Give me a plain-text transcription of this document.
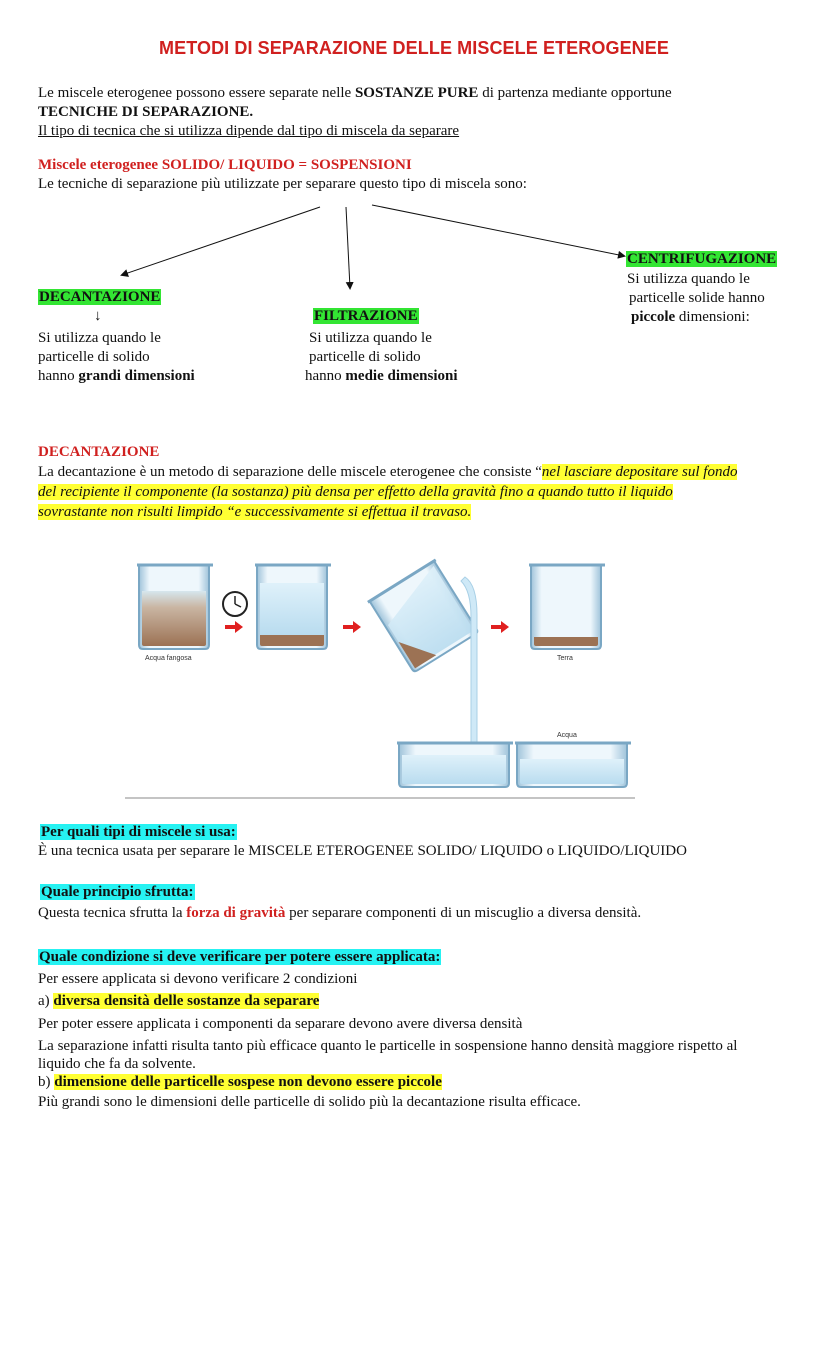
METODI DI SEPARAZIONE DELLE MISCELE ETEROGENEE
Le miscele eterogenee possono essere separate nelle SOSTANZE PURE di partenza mediante opportune
TECNICHE DI SEPARAZIONE.
Il tipo di tecnica che si utilizza dipende dal tipo di miscela da separare
Miscele eterogenee SOLIDO/ LIQUIDO = SOSPENSIONI
Le tecniche di separazione più utilizzate per separare questo tipo di miscela sono:
DECANTAZIONE
↓
Si utilizza quando le
particelle di solido
hanno grandi dimensioni
FILTRAZIONE
Si utilizza quando le
particelle di solido
hanno medie dimensioni
CENTRIFUGAZIONE
Si utilizza quando le
particelle solide hanno
piccole dimensioni:
DECANTAZIONE
La decantazione è un metodo di separazione delle miscele eterogenee che consiste “nel lasciare depositare sul fondo
del recipiente il componente (la sostanza) più densa per effetto della gravità fino a quando tutto il liquido
sovrastante non risulti limpido “e successivamente si effettua il travaso.
Acqua fangosa	Terra
Acqua
Per quali tipi di miscele si usa:
È una tecnica usata per separare le MISCELE ETEROGENEE SOLIDO/ LIQUIDO o LIQUIDO/LIQUIDO
Quale principio sfrutta:
Questa tecnica sfrutta la forza di gravità per separare componenti di un miscuglio a diversa densità.
Quale condizione si deve verificare per potere essere applicata:
Per essere applicata si devono verificare 2 condizioni
a) diversa densità delle sostanze da separare
Per poter essere applicata i componenti da separare devono avere diversa densità
La separazione infatti risulta tanto più efficace quanto le particelle in sospensione hanno densità maggiore rispetto al
liquido che fa da solvente.
b) dimensione delle particelle sospese non devono essere piccole
Più grandi sono le dimensioni delle particelle di solido più la decantazione risulta efficace.
